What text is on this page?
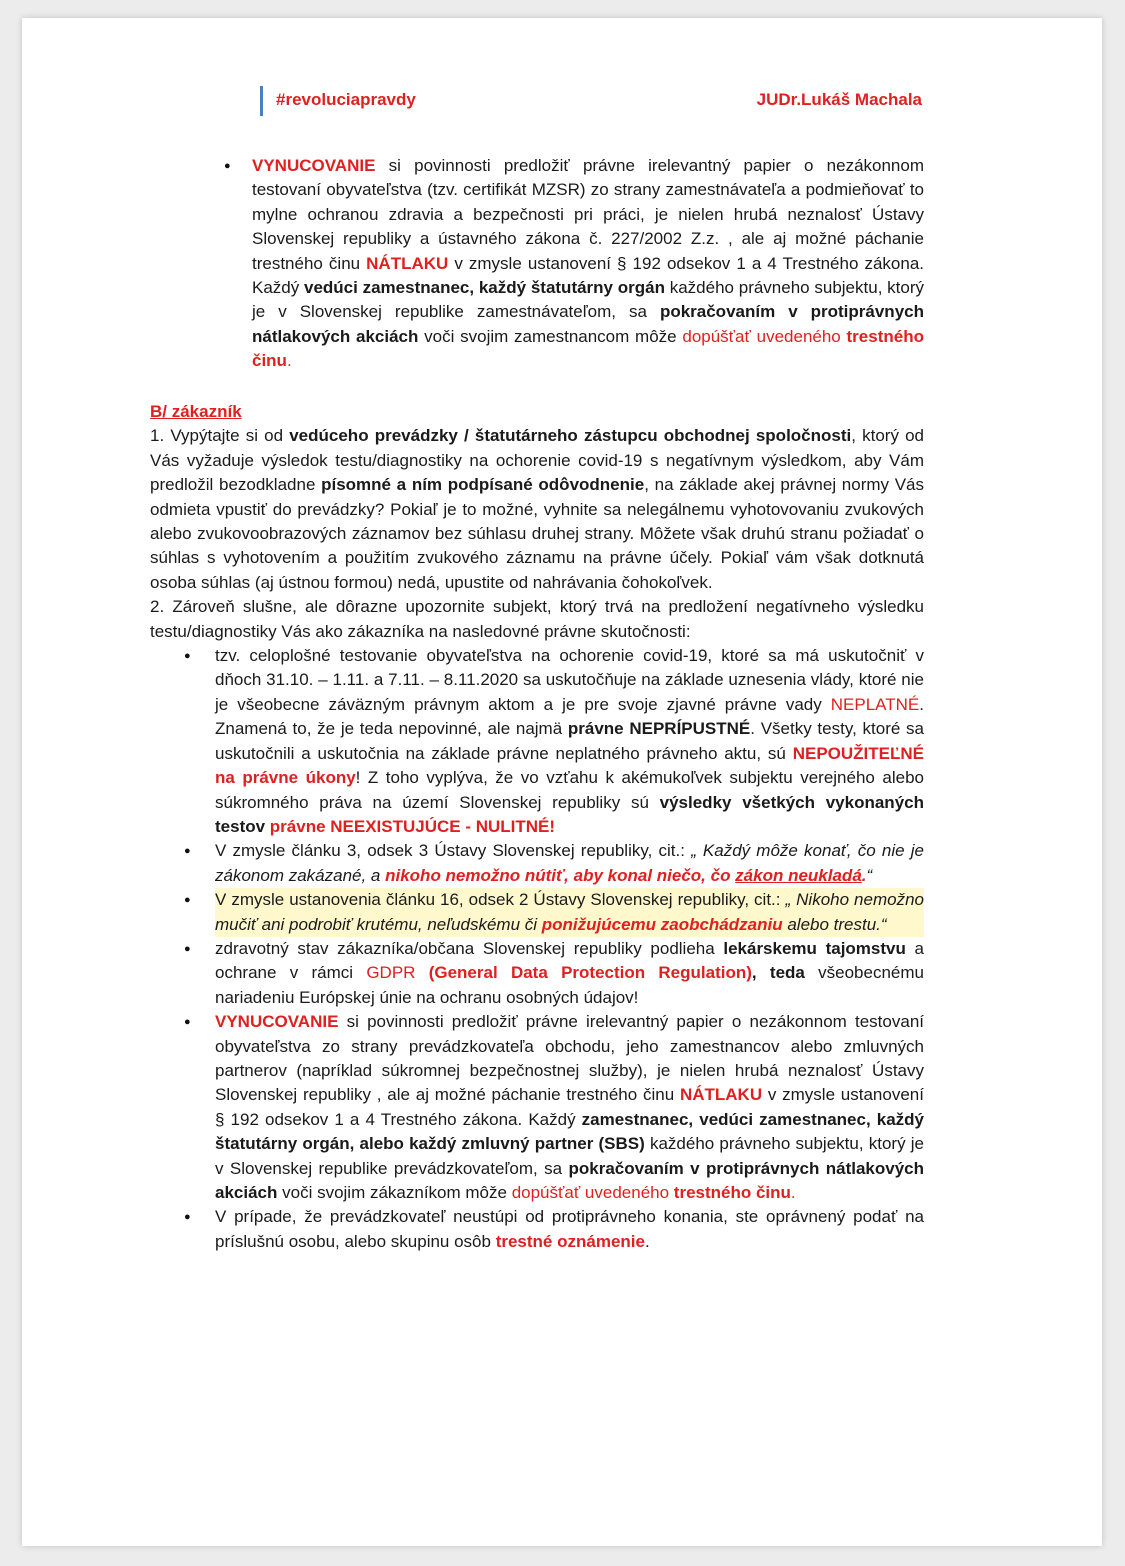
#revoluciapravdy	JUDr.Lukáš Machala
● VYNUCOVANIE si povinnosti predložiť právne irelevantný papier o nezákonnom testovaní obyvateľstva (tzv. certifikát MZSR) zo strany zamestnávateľa a podmieňovať to mylne ochranou zdravia a bezpečnosti pri práci, je nielen hrubá neznalosť Ústavy Slovenskej republiky a ústavného zákona č. 227/2002 Z.z. , ale aj možné páchanie trestného činu NÁTLAKU v zmysle ustanovení § 192 odsekov 1 a 4 Trestného zákona. Každý vedúci zamestnanec, každý štatutárny orgán každého právneho subjektu, ktorý je v Slovenskej republike zamestnávateľom, sa pokračovaním v protiprávnych nátlakových akciách voči svojim zamestnancom môže dopúšťať uvedeného trestného činu.

B/ zákazník

1. Vypýtajte si od vedúceho prevádzky / štatutárneho zástupcu obchodnej spoločnosti, ktorý od Vás vyžaduje výsledok testu/diagnostiky na ochorenie covid-19 s negatívnym výsledkom, aby Vám predložil bezodkladne písomné a ním podpísané odôvodnenie, na základe akej právnej normy Vás odmieta vpustiť do prevádzky? Pokiaľ je to možné, vyhnite sa nelegálnemu vyhotovovaniu zvukových alebo zvukovoobrazových záznamov bez súhlasu druhej strany. Môžete však druhú stranu požiadať o súhlas s vyhotovením a použitím zvukového záznamu na právne účely. Pokiaľ vám však dotknutá osoba súhlas (aj ústnou formou) nedá, upustite od nahrávania čohokoľvek.

2. Zároveň slušne, ale dôrazne upozornite subjekt, ktorý trvá na predložení negatívneho výsledku testu/diagnostiky Vás ako zákazníka na nasledovné právne skutočnosti:

● tzv. celoplošné testovanie obyvateľstva na ochorenie covid-19, ktoré sa má uskutočniť v dňoch 31.10. – 1.11. a 7.11. – 8.11.2020 sa uskutočňuje na základe uznesenia vlády, ktoré nie je všeobecne záväzným právnym aktom a je pre svoje zjavné právne vady NEPLATNÉ. Znamená to, že je teda nepovinné, ale najmä právne NEPRÍPUSTNÉ. Všetky testy, ktoré sa uskutočnili a uskutočnia na základe právne neplatného právneho aktu, sú NEPOUŽITEĽNÉ na právne úkony! Z toho vyplýva, že vo vzťahu k akémukoľvek subjektu verejného alebo súkromného práva na území Slovenskej republiky sú výsledky všetkých vykonaných testov právne NEEXISTUJÚCE - NULITNÉ!
● V zmysle článku 3, odsek 3 Ústavy Slovenskej republiky, cit.: „ Každý môže konať, čo nie je zákonom zakázané, a nikoho nemožno nútiť, aby konal niečo, čo zákon neukladá.“
● V zmysle ustanovenia článku 16, odsek 2 Ústavy Slovenskej republiky, cit.: „ Nikoho nemožno mučiť ani podrobiť krutému, neľudskému či ponižujúcemu zaobchádzaniu alebo trestu.“
● zdravotný stav zákazníka/občana Slovenskej republiky podlieha lekárskemu tajomstvu a ochrane v rámci GDPR (General Data Protection Regulation), teda všeobecnému nariadeniu Európskej únie na ochranu osobných údajov!
● VYNUCOVANIE si povinnosti predložiť právne irelevantný papier o nezákonnom testovaní obyvateľstva zo strany prevádzkovateľa obchodu, jeho zamestnancov alebo zmluvných partnerov (napríklad súkromnej bezpečnostnej služby), je nielen hrubá neznalosť Ústavy Slovenskej republiky , ale aj možné páchanie trestného činu NÁTLAKU v zmysle ustanovení § 192 odsekov 1 a 4 Trestného zákona. Každý zamestnanec, vedúci zamestnanec, každý štatutárny orgán, alebo každý zmluvný partner (SBS) každého právneho subjektu, ktorý je v Slovenskej republike prevádzkovateľom, sa pokračovaním v protiprávnych nátlakových akciách voči svojim zákazníkom môže dopúšťať uvedeného trestného činu.
● V prípade, že prevádzkovateľ neustúpi od protiprávneho konania, ste oprávnený podať na príslušnú osobu, alebo skupinu osôb trestné oznámenie.
